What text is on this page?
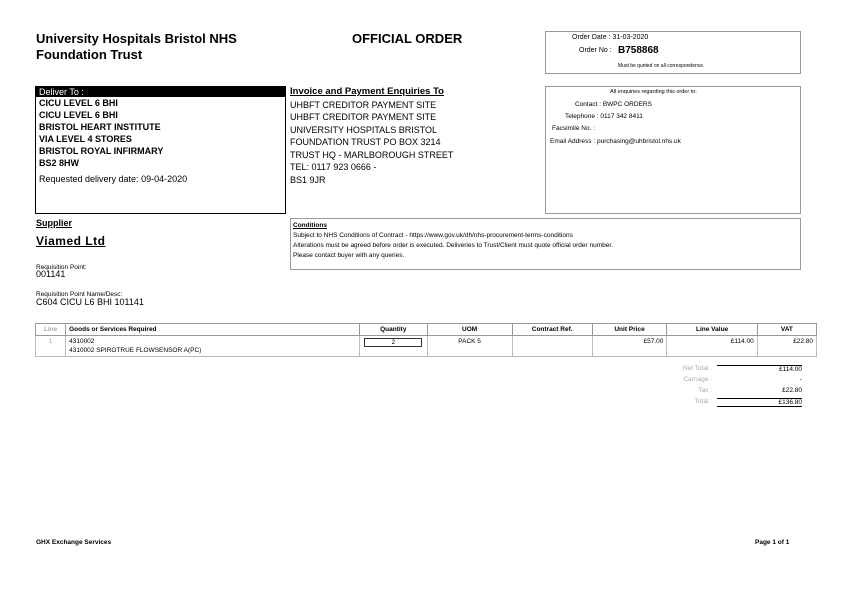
University Hospitals Bristol NHS
Foundation Trust
OFFICIAL ORDER	Order Date : 31-03-2020
Order No : B758868
Must be quoted on all correspondence.
Deliver To :
CICU LEVEL 6 BHI
CICU LEVEL 6 BHI
BRISTOL HEART INSTITUTE
VIA LEVEL 4 STORES
BRISTOL ROYAL INFIRMARY
BS2 8HW
Requested delivery date: 09-04-2020
Invoice and Payment Enquiries To
UHBFT CREDITOR PAYMENT SITE
UHBFT CREDITOR PAYMENT SITE
UNIVERSITY HOSPITALS BRISTOL
FOUNDATION TRUST PO BOX 3214
TRUST HQ - MARLBOROUGH STREET
TEL: 0117 923 0666 -
BS1 9JR
All enquiries regarding this order to:
Contact : BWPC ORDERS
Telephone : 0117 342 8411
Facsimile No. :
Email Address : purchasing@uhbristol.nhs.uk
Supplier
Viamed Ltd
Requisition Point:
001141
Requisition Point Name/Desc:
C604 CICU L6 BHI 101141
Conditions
Subject to NHS Conditions of Contract - https://www.gov.uk/dh/nhs-procurement-terms-conditions
Alterations must be agreed before order is executed. Deliveries to Trust/Client must quote official order number.
Please contact buyer with any queries.
Line	Goods or Services Required	Quantity	UOM	Contract Ref.	Unit Price	Line Value	VAT
1	4310002
4310002 SPIROTRUE FLOWSENSOR A(PC)	2	PACK 5		£57.00	£114.00	£22.80
Net Total :	£114.00
Carriage :	-
Tax :	£22.80
Total :	£136.80
GHX Exchange Services	Page 1 of 1
